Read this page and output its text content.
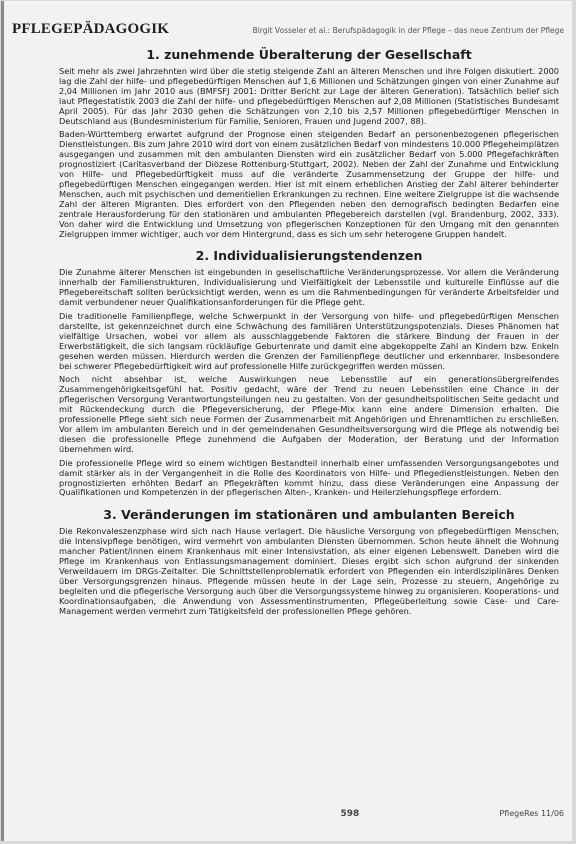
PFLEGEPÄDAGOGIK	Birgit Vosseler et al.: Berufspädagogik in der Pflege – das neue Zentrum der Pflege
1. zunehmende Überalterung der Gesellschaft

Seit mehr als zwei Jahrzehnten wird über die stetig steigende Zahl an älteren Menschen und ihre Folgen diskutiert. 2000 lag die Zahl der hilfe- und pflegebedürftigen Menschen auf 1,6 Millionen und Schätzungen gingen von einer Zunahme auf 2,04 Millionen im Jahr 2010 aus (BMFSFJ 2001: Dritter Bericht zur Lage der älteren Generation). Tatsächlich belief sich laut Pflegestatistik 2003 die Zahl der hilfe- und pflegebedürftigen Menschen auf 2,08 Millionen (Statistisches Bundesamt April 2005). Für das Jahr 2030 gehen die Schätzungen von 2,10 bis 2,57 Millionen pflegebedürftiger Menschen in Deutschland aus (Bundesministerium für Familie, Senioren, Frauen und Jugend 2007, 88).

Baden-Württemberg erwartet aufgrund der Prognose einen steigenden Bedarf an personenbezogenen pflegerischen Dienstleistungen. Bis zum Jahre 2010 wird dort von einem zusätzlichen Bedarf von mindestens 10.000 Pflegeheimplätzen ausgegangen und zusammen mit den ambulanten Diensten wird ein zusätzlicher Bedarf von 5.000 Pflegefachkräften prognostiziert (Caritasverband der Diözese Rottenburg-Stuttgart, 2002). Neben der Zahl der Zunahme und Entwicklung von Hilfe- und Pflegebedürftigkeit muss auf die veränderte Zusammensetzung der Gruppe der hilfe- und pflegebedürftigen Menschen eingegangen werden. Hier ist mit einem erheblichen Anstieg der Zahl älterer behinderter Menschen, auch mit psychischen und dementiellen Erkrankungen zu rechnen. Eine weitere Zielgruppe ist die wachsende Zahl der älteren Migranten. Dies erfordert von den Pflegenden neben den demografisch bedingten Bedarfen eine zentrale Herausforderung für den stationären und ambulanten Pflegebereich darstellen (vgl. Brandenburg, 2002, 333). Von daher wird die Entwicklung und Umsetzung von pflegerischen Konzeptionen für den Umgang mit den genannten Zielgruppen immer wichtiger, auch vor dem Hintergrund, dass es sich um sehr heterogene Gruppen handelt.

2. Individualisierungstendenzen

Die Zunahme älterer Menschen ist eingebunden in gesellschaftliche Veränderungsprozesse. Vor allem die Veränderung innerhalb der Familienstrukturen, Individualisierung und Vielfältigkeit der Lebensstile und kulturelle Einflüsse auf die Pflegebereitschaft sollten berücksichtigt werden, wenn es um die Rahmenbedingungen für veränderte Arbeitsfelder und damit verbundener neuer Qualifikationsanforderungen für die Pflege geht.

Die traditionelle Familienpflege, welche Schwerpunkt in der Versorgung von hilfe- und pflegebedürftigen Menschen darstellte, ist gekennzeichnet durch eine Schwächung des familiären Unterstützungspotenzials. Dieses Phänomen hat vielfältige Ursachen, wobei vor allem als ausschlaggebende Faktoren die stärkere Bindung der Frauen in der Erwerbstätigkeit, die sich langsam rückläufige Geburtenrate und damit eine abgekoppelte Zahl an Kindern bzw. Enkeln gesehen werden müssen. Hierdurch werden die Grenzen der Familienpflege deutlicher und erkennbarer. Insbesondere bei schwerer Pflegebedürftigkeit wird auf professionelle Hilfe zurückgegriffen werden müssen.

Noch nicht absehbar ist, welche Auswirkungen neue Lebensstile auf ein generationsübergreifendes Zusammengehörigkeitsgefühl hat. Positiv gedacht, wäre der Trend zu neuen Lebensstilen eine Chance in der pflegerischen Versorgung Verantwortungsteilungen neu zu gestalten. Von der gesundheitspolitischen Seite gedacht und mit Rückendeckung durch die Pflegeversicherung, der Pflege-Mix kann eine andere Dimension erhalten. Die professionelle Pflege sieht sich neue Formen der Zusammenarbeit mit Angehörigen und Ehrenamtlichen zu erschließen. Vor allem im ambulanten Bereich und in der gemeindenahen Gesundheitsversorgung wird die Pflege als notwendig bei diesen die professionelle Pflege zunehmend die Aufgaben der Moderation, der Beratung und der Information übernehmen wird.

Die professionelle Pflege wird so einem wichtigen Bestandteil innerhalb einer umfassenden Versorgungsangebotes und damit stärker als in der Vergangenheit in die Rolle des Koordinators von Hilfe- und Pflegedienstleistungen. Neben den prognostizierten erhöhten Bedarf an Pflegekräften kommt hinzu, dass diese Veränderungen eine Anpassung der Qualifikationen und Kompetenzen in der pflegerischen Alten-, Kranken- und Heilerziehungspflege erfordern.

3. Veränderungen im stationären und ambulanten Bereich

Die Rekonvaleszenzphase wird sich nach Hause verlagert. Die häusliche Versorgung von pflegebedürftigen Menschen, die Intensivpflege benötigen, wird vermehrt von ambulanten Diensten übernommen. Schon heute ähnelt die Wohnung mancher Patient/innen einem Krankenhaus mit einer Intensivstation, als einer eigenen Lebenswelt. Daneben wird die Pflege im Krankenhaus von Entlassungsmanagement dominiert. Dieses ergibt sich schon aufgrund der sinkenden Verweildauern im DRGs-Zeitalter. Die Schnittstellenproblematik erfordert von Pflegenden ein interdisziplinäres Denken über Versorgungsgrenzen hinaus. Pflegende müssen heute in der Lage sein, Prozesse zu steuern, Angehörige zu begleiten und die pflegerische Versorgung auch über die Versorgungssysteme hinweg zu organisieren. Kooperations- und Koordinationsaufgaben, die Anwendung von Assessmentinstrumenten, Pflegeüberleitung sowie Case- und Care-Management werden vermehrt zum Tätigkeitsfeld der professionellen Pflege gehören.

598	PflegeRes 11/06
